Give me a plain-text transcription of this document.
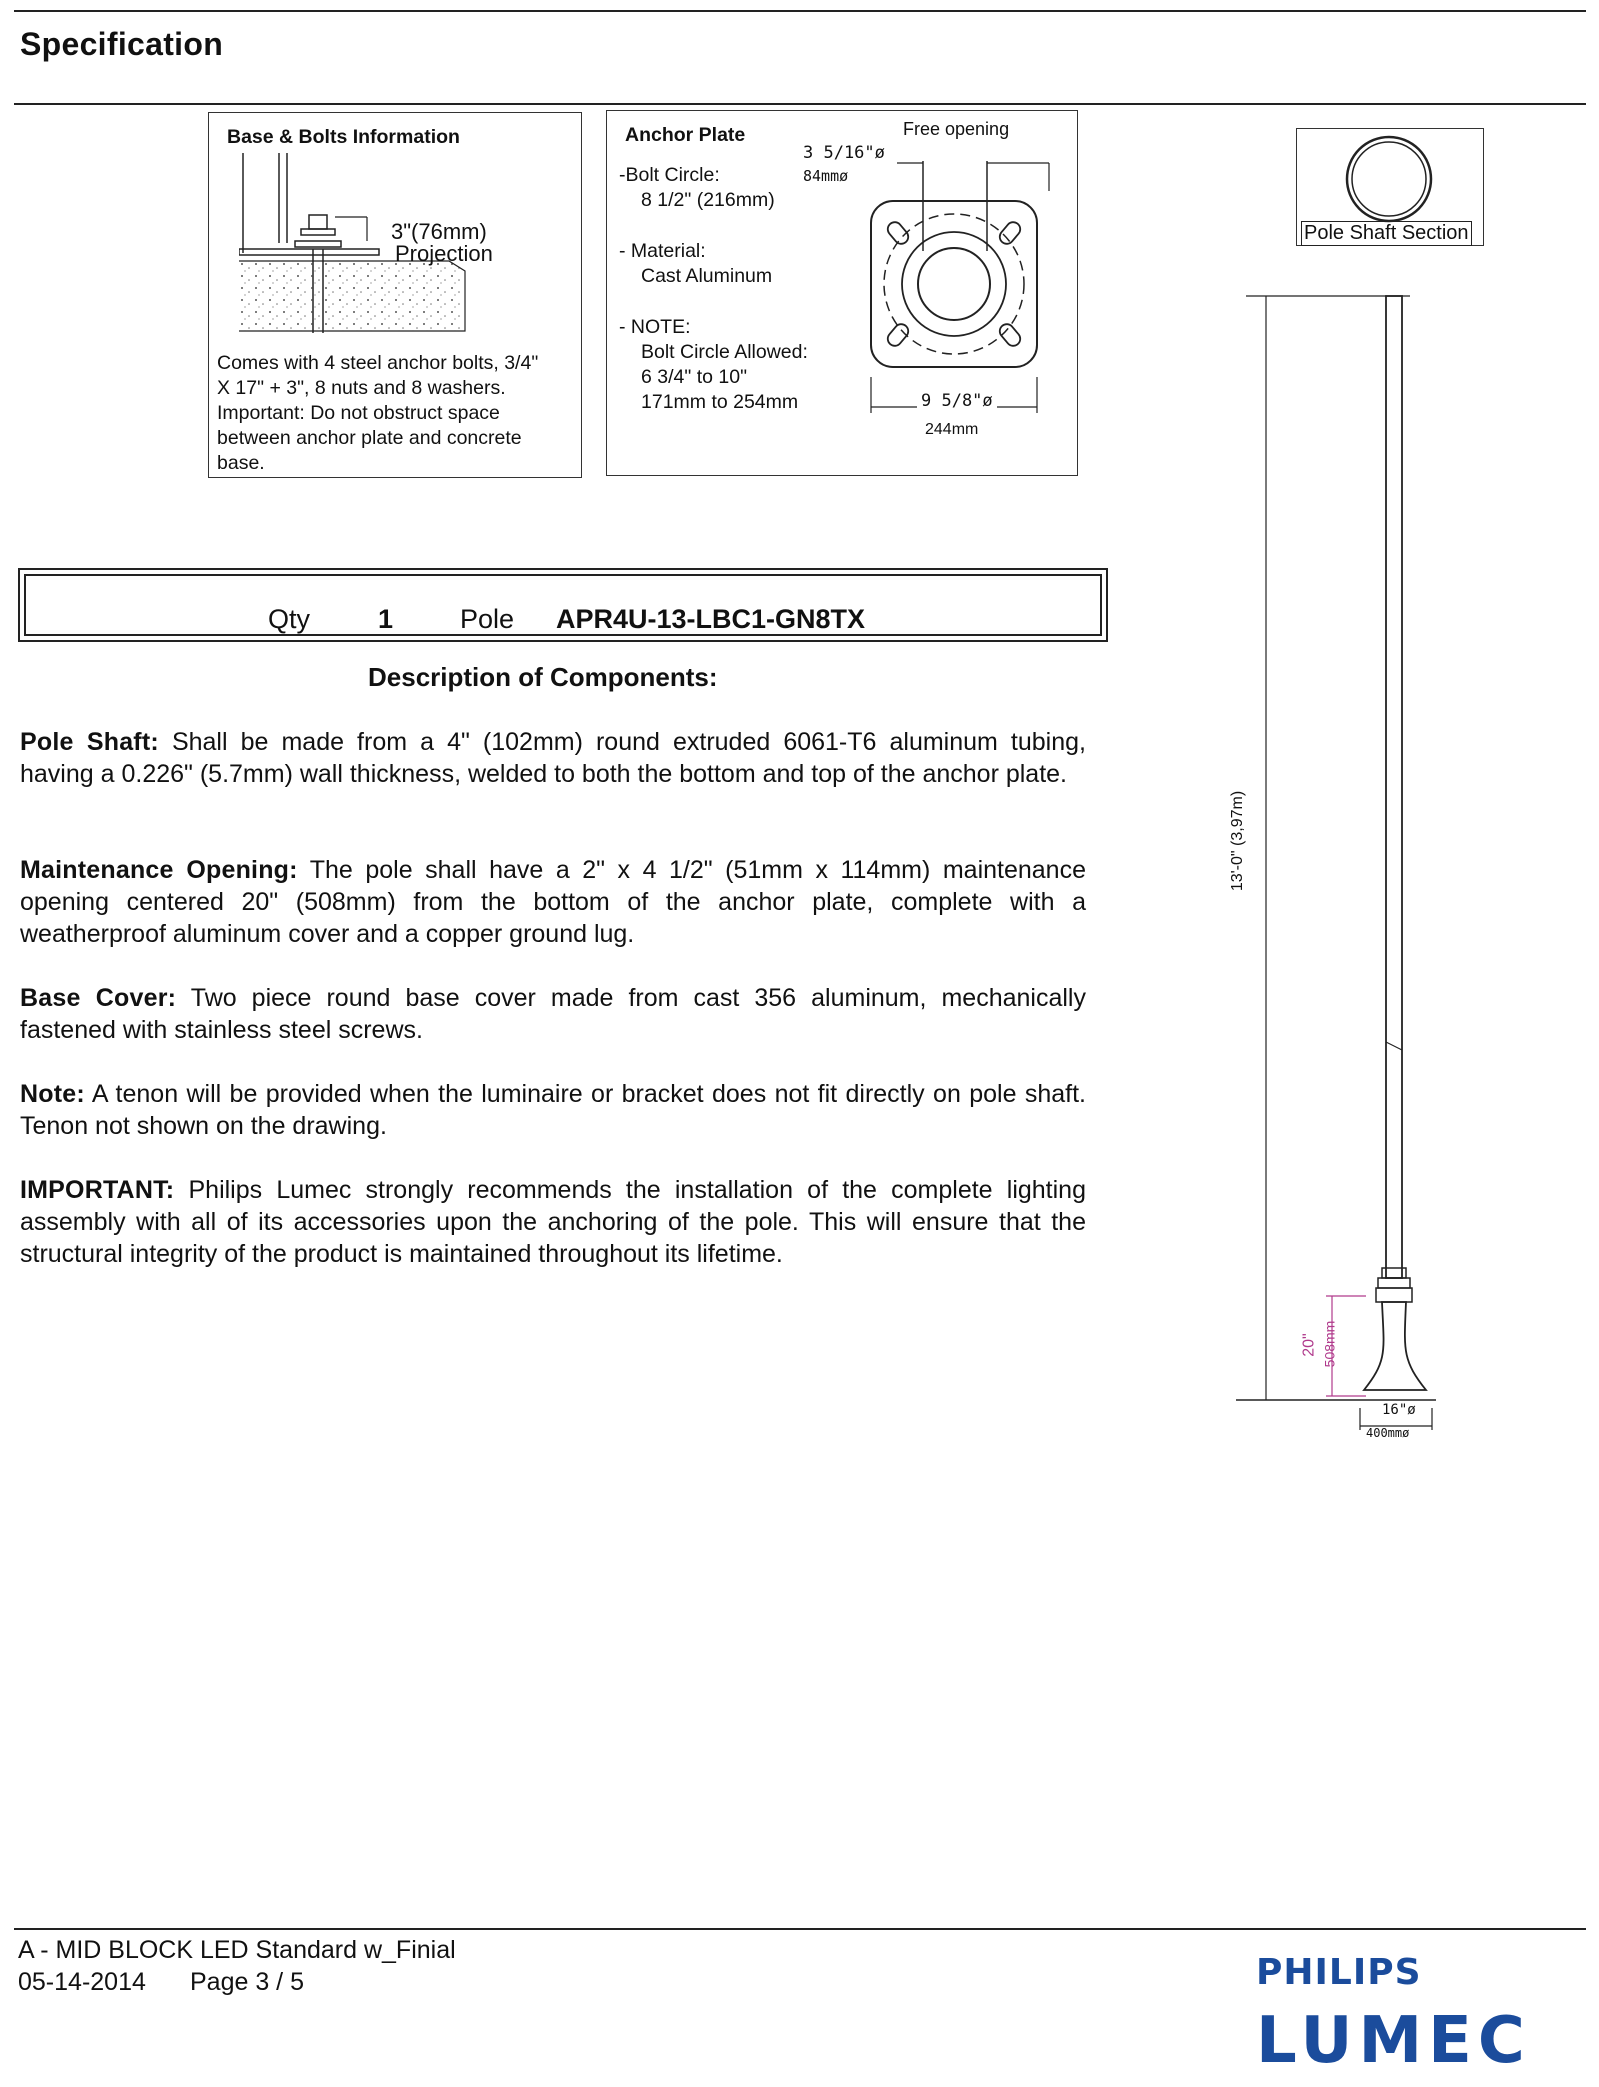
Specification
Base & Bolts Information
3"(76mm)
Projection
Comes with 4 steel anchor bolts, 3/4"
X 17" + 3", 8 nuts and 8 washers.
Important: Do not obstruct space
between anchor plate and concrete
base.
Anchor Plate	Free opening
3 5/16"ø
84mmø
-Bolt Circle:
8 1/2" (216mm)
- Material:
Cast Aluminum
- NOTE:
Bolt Circle Allowed:
6 3/4" to 10"
171mm to 254mm	9 5/8"ø
244mm
Pole Shaft Section
13'-0" (3,97m)
20" 508mm
16"ø
400mmø
Qty	1 Pole APR4U-13-LBC1-GN8TX
Description of Components:
Pole Shaft: Shall be made from a 4" (102mm) round extruded 6061-T6 aluminum tubing, having a 0.226" (5.7mm) wall thickness, welded to both the bottom and top of the anchor plate.
Maintenance Opening: The pole shall have a 2" x 4 1/2" (51mm x 114mm) maintenance opening centered 20" (508mm) from the bottom of the anchor plate, complete with a weatherproof aluminum cover and a copper ground lug.
Base Cover: Two piece round base cover made from cast 356 aluminum, mechanically fastened with stainless steel screws.
Note: A tenon will be provided when the luminaire or bracket does not fit directly on pole shaft. Tenon not shown on the drawing.
IMPORTANT: Philips Lumec strongly recommends the installation of the complete lighting assembly with all of its accessories upon the anchoring of the pole. This will ensure that the structural integrity of the product is maintained throughout its lifetime.
A - MID BLOCK LED Standard w_Finial
05-14-2014 Page 3 / 5	PHILIPS
LUMEC
